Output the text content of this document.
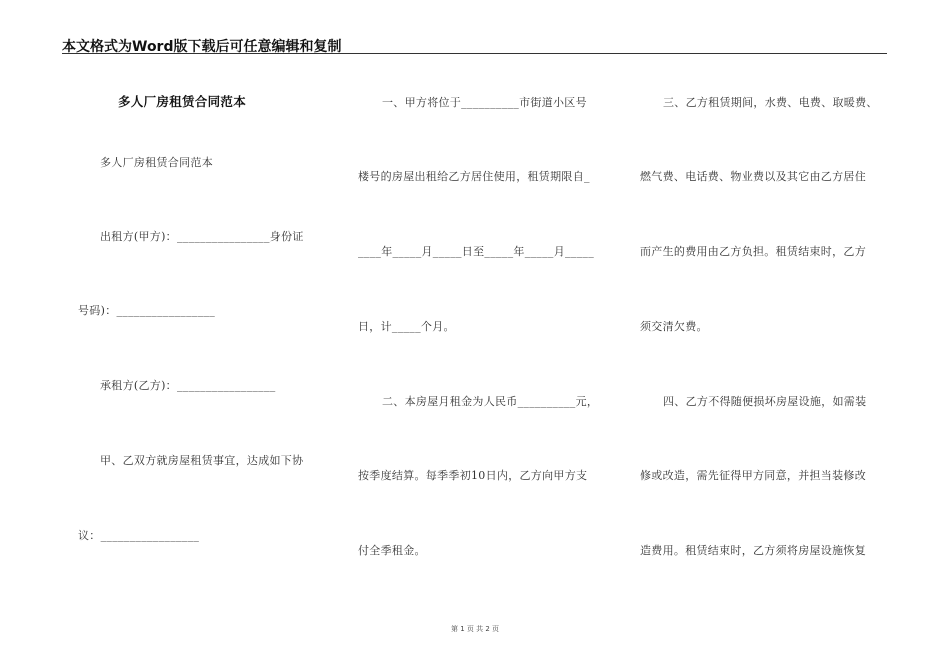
本文格式为Word版下载后可任意编辑和复制
多人厂房租赁合同范本
多人厂房租赁合同范本
出租方(甲方)：________________身份证
号码)：_________________
承租方(乙方)：_________________
甲、乙双方就房屋租赁事宜，达成如下协
议：_________________
一、甲方将位于__________市街道小区号
楼号的房屋出租给乙方居住使用，租赁期限自_
____年_____月_____日至_____年_____月_____
日，计_____个月。
二、本房屋月租金为人民币__________元，
按季度结算。每季季初10日内，乙方向甲方支
付全季租金。
三、乙方租赁期间，水费、电费、取暖费、
燃气费、电话费、物业费以及其它由乙方居住
而产生的费用由乙方负担。租赁结束时，乙方
须交清欠费。
四、乙方不得随便损坏房屋设施，如需装
修或改造，需先征得甲方同意，并担当装修改
造费用。租赁结束时，乙方须将房屋设施恢复
第 1 页 共 2 页
